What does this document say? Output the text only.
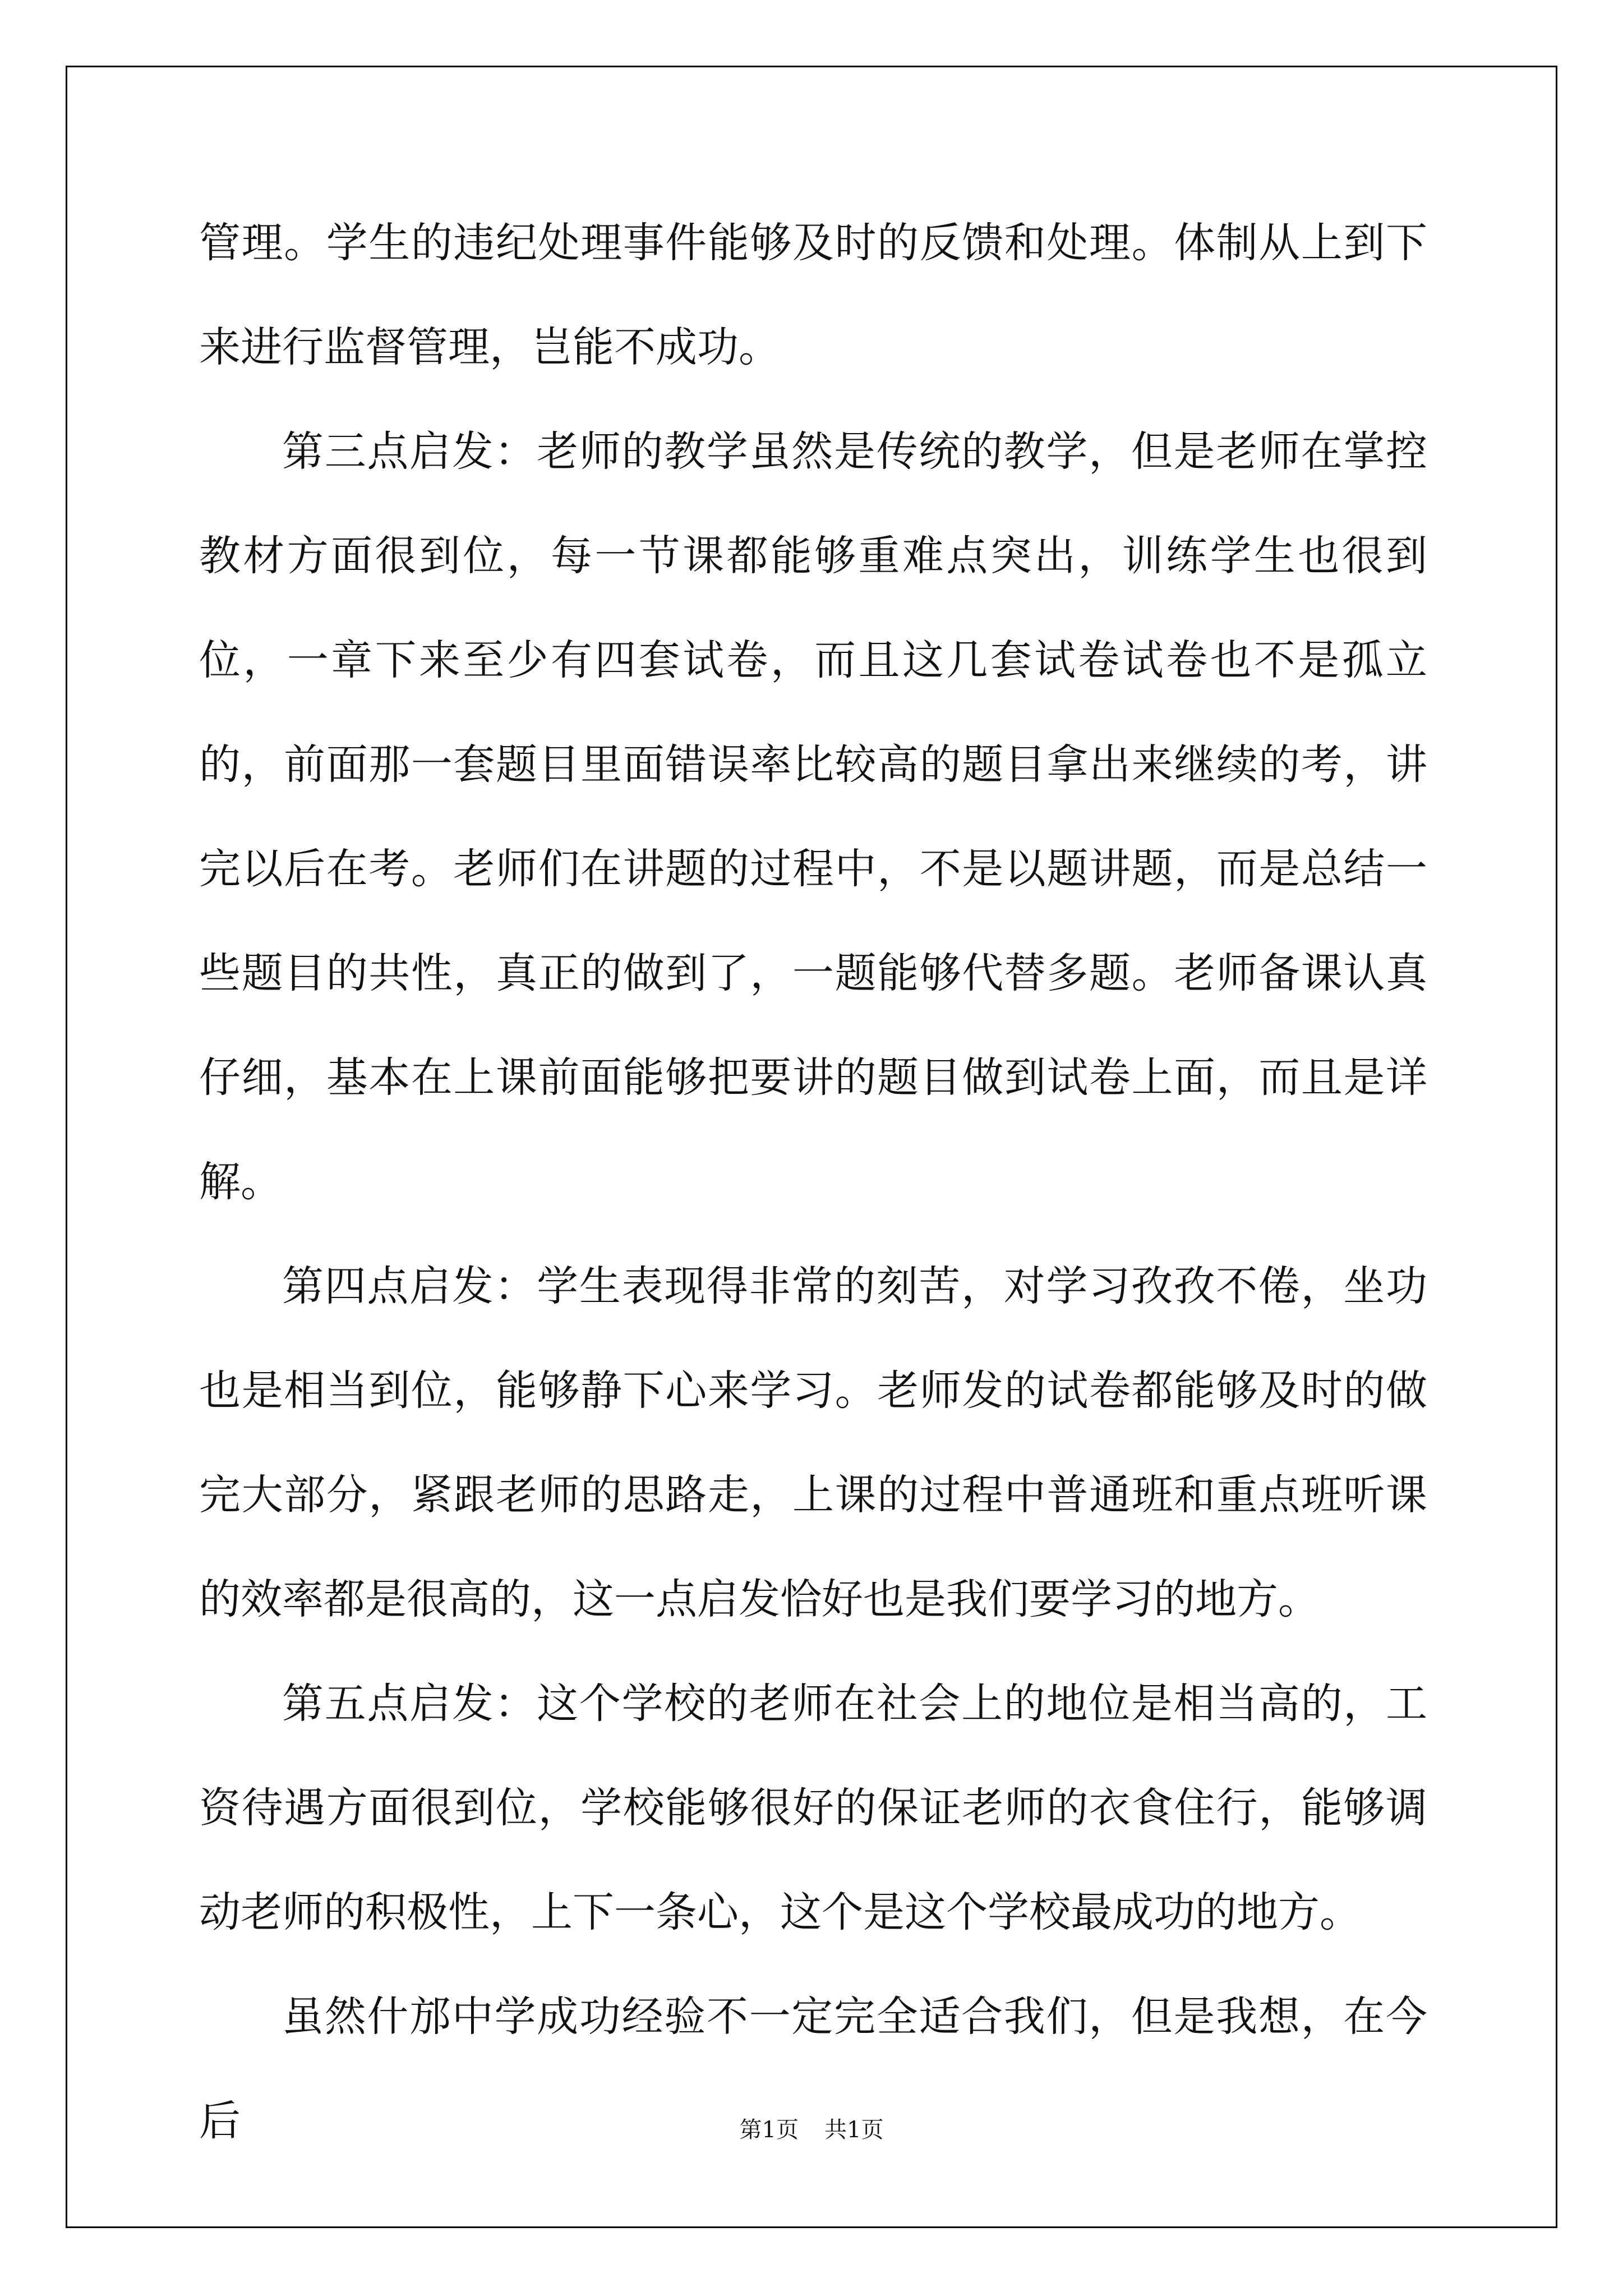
管理。学生的违纪处理事件能够及时的反馈和处理。体制从上到下来进行监督管理，岂能不成功。

第三点启发：老师的教学虽然是传统的教学，但是老师在掌控教材方面很到位，每一节课都能够重难点突出，训练学生也很到位，一章下来至少有四套试卷，而且这几套试卷试卷也不是孤立的，前面那一套题目里面错误率比较高的题目拿出来继续的考，讲完以后在考。老师们在讲题的过程中，不是以题讲题，而是总结一些题目的共性，真正的做到了，一题能够代替多题。老师备课认真仔细，基本在上课前面能够把要讲的题目做到试卷上面，而且是详解。

第四点启发：学生表现得非常的刻苦，对学习孜孜不倦，坐功也是相当到位，能够静下心来学习。老师发的试卷都能够及时的做完大部分，紧跟老师的思路走，上课的过程中普通班和重点班听课的效率都是很高的，这一点启发恰好也是我们要学习的地方。

第五点启发：这个学校的老师在社会上的地位是相当高的，工资待遇方面很到位，学校能够很好的保证老师的衣食住行，能够调动老师的积极性，上下一条心，这个是这个学校最成功的地方。

虽然什邡中学成功经验不一定完全适合我们，但是我想，在今后	第1页 共1页
